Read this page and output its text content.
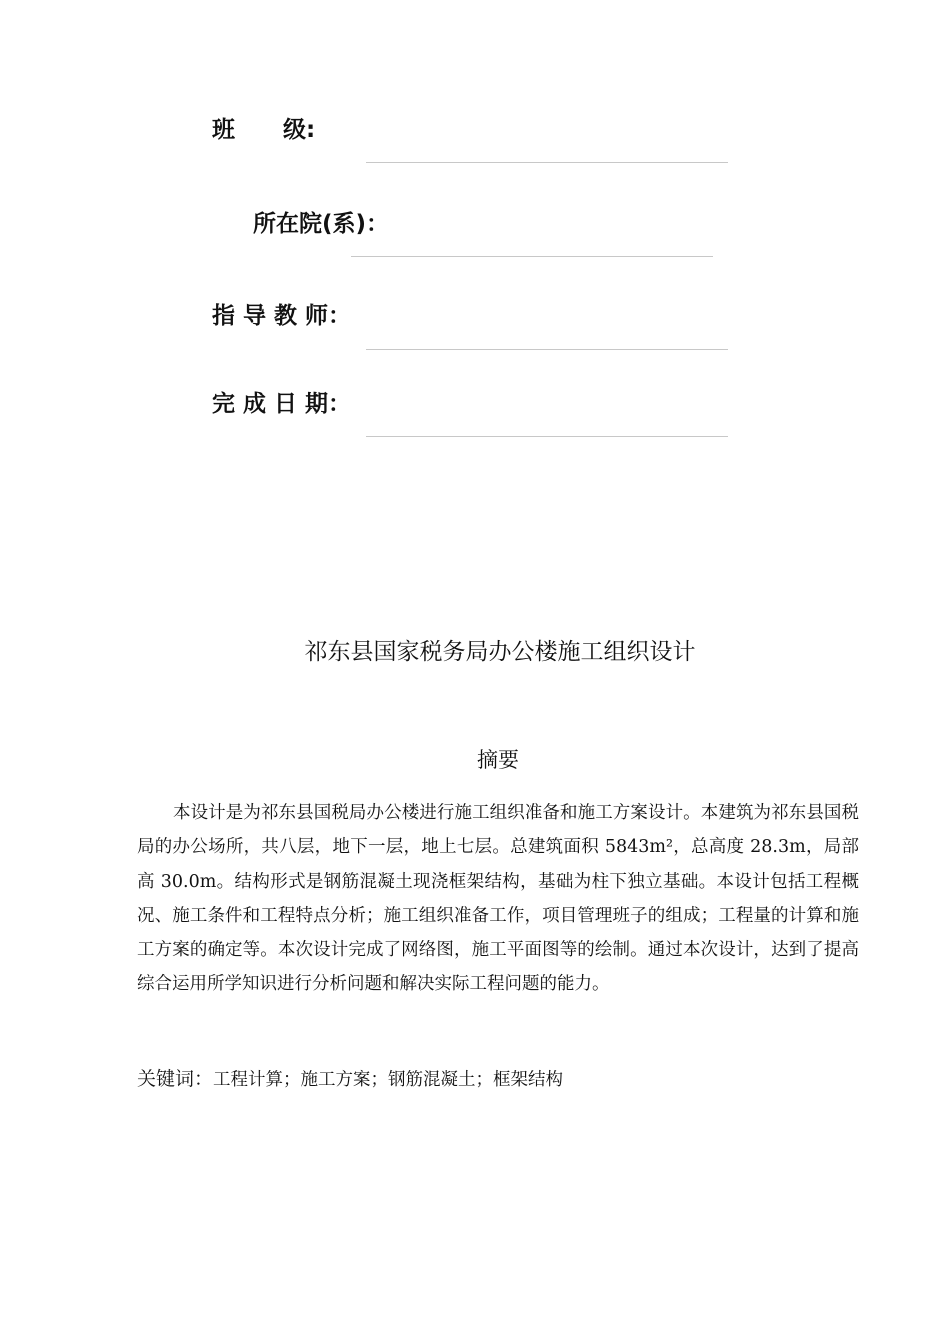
班      级:
所在院(系)：
指 导 教 师：
完 成 日 期：
祁东县国家税务局办公楼施工组织设计
摘要

本设计是为祁东县国税局办公楼进行施工组织准备和施工方案设计。本建筑为祁东县国税局的办公场所，共八层，地下一层，地上七层。总建筑面积 5843m²，总高度 28.3m，局部高 30.0m。结构形式是钢筋混凝土现浇框架结构，基础为柱下独立基础。本设计包括工程概况、施工条件和工程特点分析；施工组织准备工作，项目管理班子的组成；工程量的计算和施工方案的确定等。本次设计完成了网络图，施工平面图等的绘制。通过本次设计，达到了提高综合运用所学知识进行分析问题和解决实际工程问题的能力。

关键词：工程计算；施工方案；钢筋混凝土；框架结构
